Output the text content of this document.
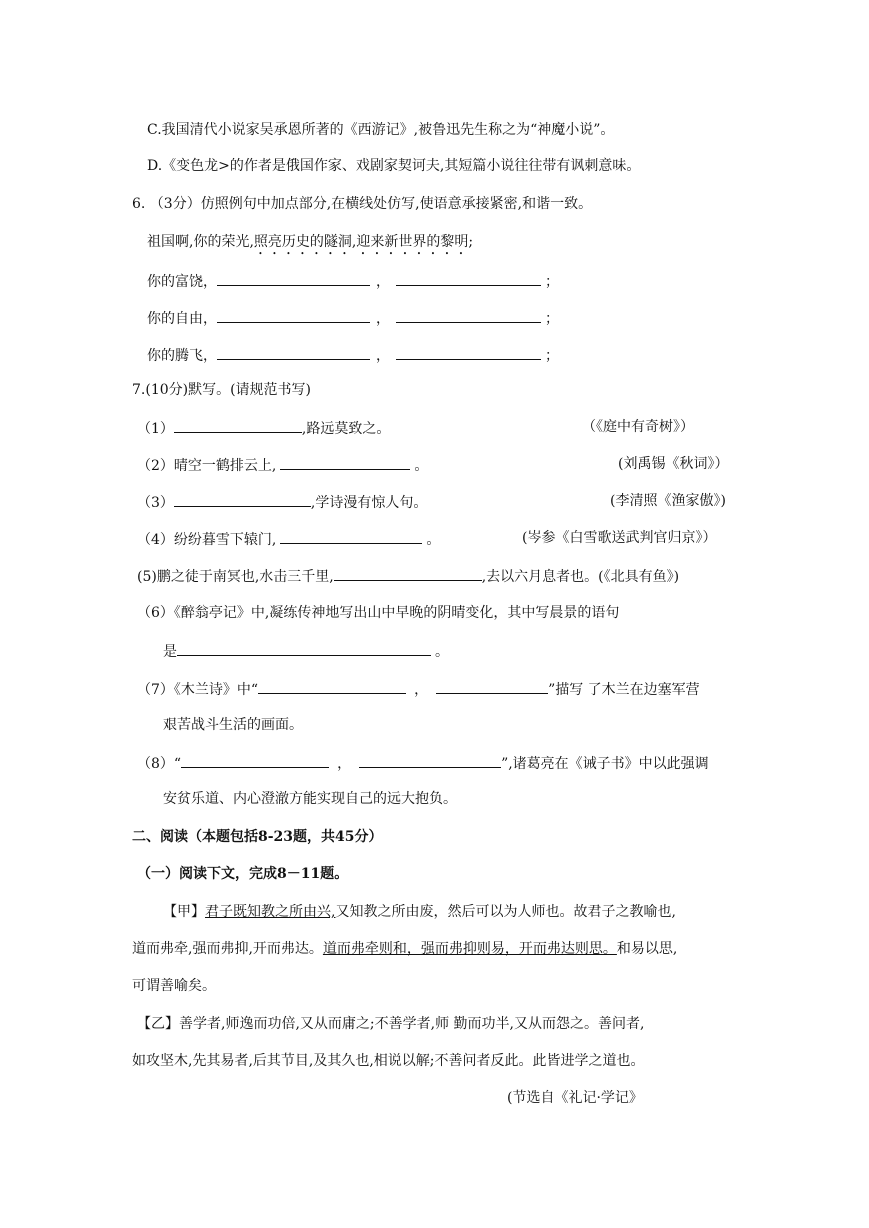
C.我国清代小说家吴承恩所著的《西游记》,被鲁迅先生称之为“神魔小说”。
D.《变色龙>的作者是俄国作家、戏剧家契诃夫,其短篇小说往往带有讽刺意味。
6. （3分）仿照例句中加点部分,在横线处仿写,使语意承接紧密,和谐一致。
祖国啊,你的荣光,照亮历史的隧洞,迎来新世界的黎明;
你的富饶，	，	；
你的自由，	，	；
你的腾飞，	，	；
7.(10分)默写。(请规范书写)
（1）	,路远莫致之。	（《庭中有奇树》）
（2）晴空一鹤排云上,	。	(刘禹锡《秋词》）
（3）	,学诗漫有惊人句。	(李清照《渔家傲》)
（4）纷纷暮雪下辕门,	。	(岑参《白雪歌送武判官归京》）
(5)鹏之徒于南冥也,水击三千里,	,去以六月息者也。(《北具有鱼》)
（6）《醉翁亭记》中,凝练传神地写出山中早晚的阴晴变化，其中写晨景的语句
是	。
（7）《木兰诗》中“	，	”描写 了木兰在边塞军营
艰苦战斗生活的画面。
（8）“	，	”,诸葛亮在《诫子书》中以此强调
安贫乐道、内心澄澈方能实现自己的远大抱负。
二、阅读（本题包括8-23题，共45分）
（一）阅读下文，完成8－11题。
【甲】君子既知教之所由兴,又知教之所由废，然后可以为人师也。故君子之教喻也,
道而弗牵,强而弗抑,开而弗达。道而弗牵则和，强而弗抑则易，开而弗达则思。和易以思,
可谓善喻矣。
【乙】善学者,师逸而功倍,又从而庸之;不善学者,师 勤而功半,又从而怨之。善问者,
如攻坚木,先其易者,后其节目,及其久也,相说以解;不善问者反此。此皆进学之道也。
(节选自《礼记·学记》
